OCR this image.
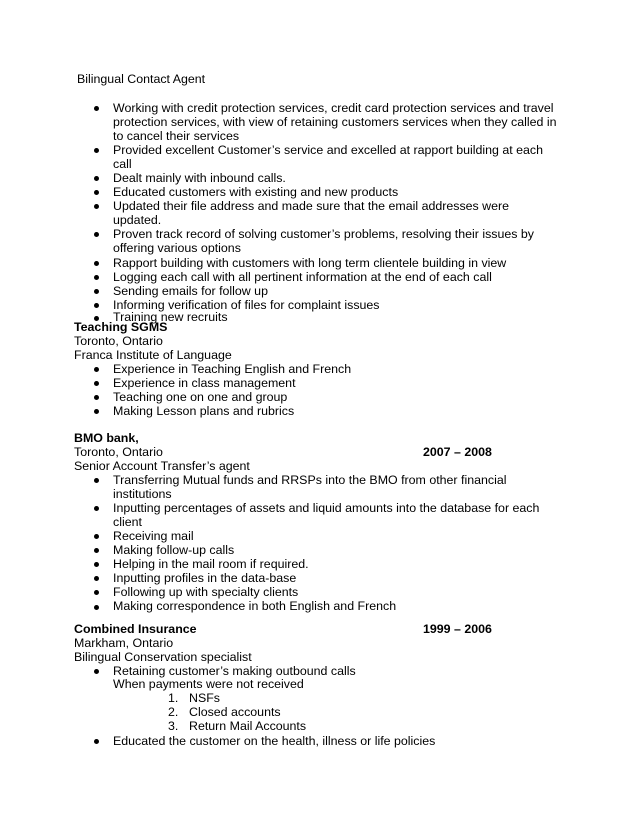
Bilingual Contact Agent
Working with credit protection services, credit card protection services and travel
protection services, with view of retaining customers services when they called in
to cancel their services
Provided excellent Customer’s service and excelled at rapport building at each
call
Dealt mainly with inbound calls.
Educated customers with existing and new products
Updated their file address and made sure that the email addresses were
updated.
Proven track record of solving customer’s problems, resolving their issues by
offering various options
Rapport building with customers with long term clientele building in view
Logging each call with all pertinent information at the end of each call
Sending emails for follow up
Informing verification of files for complaint issues
Training new recruits
Teaching SGMS
Toronto, Ontario
Franca Institute of Language
Experience in Teaching English and French
Experience in class management
Teaching one on one and group
Making Lesson plans and rubrics
BMO bank,
Toronto, Ontario	2007 – 2008
Senior Account Transfer’s agent
Transferring Mutual funds and RRSPs into the BMO from other financial
institutions
Inputting percentages of assets and liquid amounts into the database for each
client
Receiving mail
Making follow-up calls
Helping in the mail room if required.
Inputting profiles in the data-base
Following up with specialty clients
Making correspondence in both English and French
Combined Insurance	1999 – 2006
Markham, Ontario
Bilingual Conservation specialist
Retaining customer’s making outbound calls
When payments were not received
1. NSFs
2. Closed accounts
3. Return Mail Accounts
Educated the customer on the health, illness or life policies
